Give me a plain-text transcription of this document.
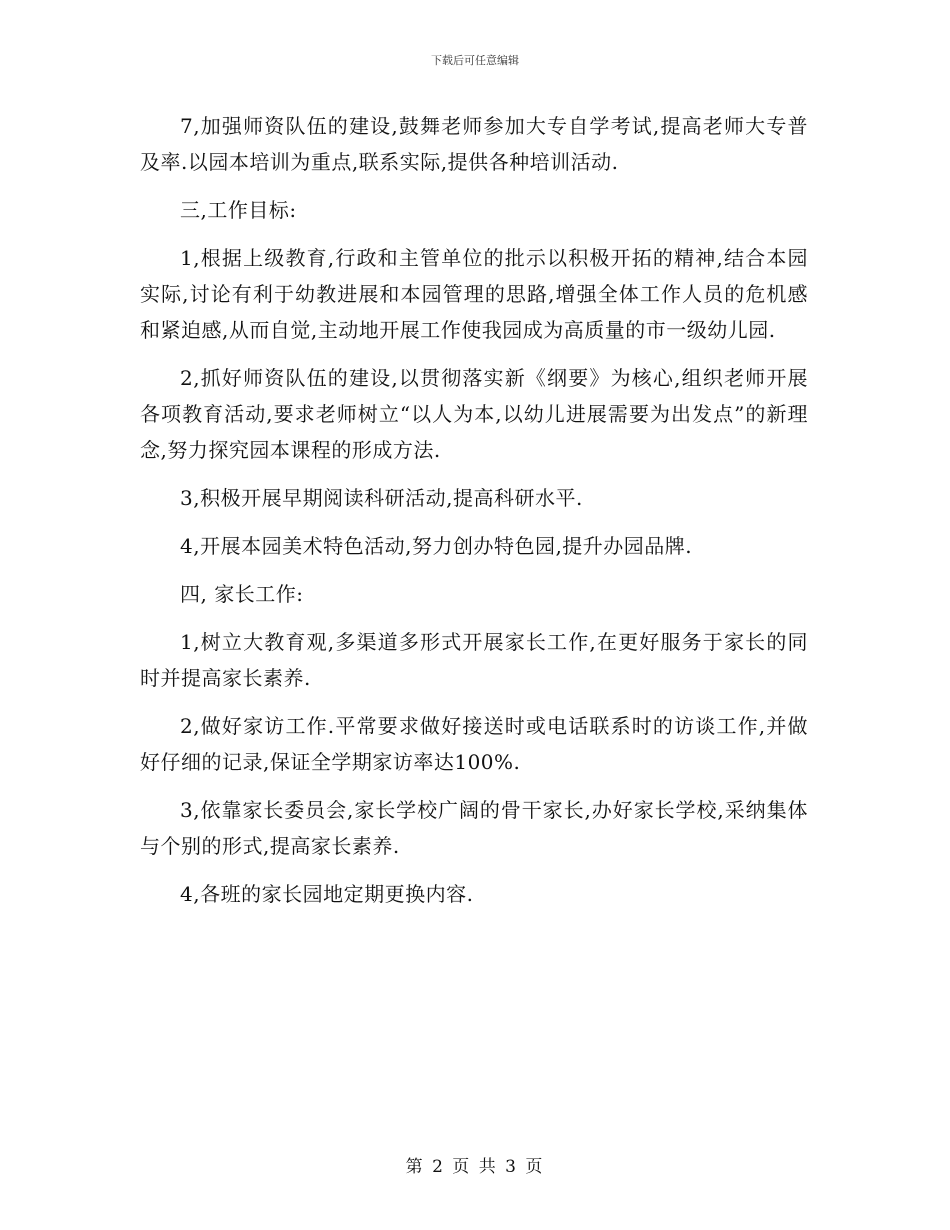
下载后可任意编辑

7,加强师资队伍的建设,鼓舞老师参加大专自学考试,提高老师大专普及率.以园本培训为重点,联系实际,提供各种培训活动.

三,工作目标:

1,根据上级教育,行政和主管单位的批示以积极开拓的精神,结合本园实际,讨论有利于幼教进展和本园管理的思路,增强全体工作人员的危机感和紧迫感,从而自觉,主动地开展工作使我园成为高质量的市一级幼儿园.

2,抓好师资队伍的建设,以贯彻落实新《纲要》为核心,组织老师开展各项教育活动,要求老师树立“以人为本,以幼儿进展需要为出发点”的新理念,努力探究园本课程的形成方法.

3,积极开展早期阅读科研活动,提高科研水平.

4,开展本园美术特色活动,努力创办特色园,提升办园品牌.

四, 家长工作:

1,树立大教育观,多渠道多形式开展家长工作,在更好服务于家长的同时并提高家长素养.

2,做好家访工作.平常要求做好接送时或电话联系时的访谈工作,并做好仔细的记录,保证全学期家访率达100%.

3,依靠家长委员会,家长学校广阔的骨干家长,办好家长学校,采纳集体与个别的形式,提高家长素养.

4,各班的家长园地定期更换内容.

第 2 页 共 3 页
